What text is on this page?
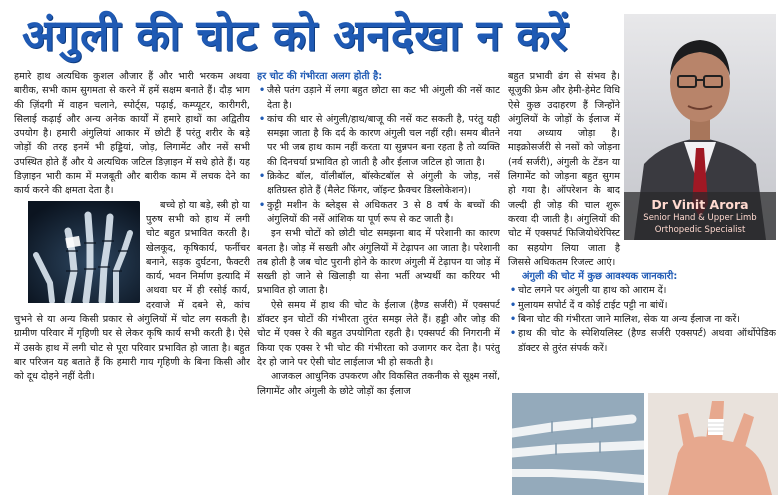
अंगुली की चोट को अनदेखा न करें

हमारे हाथ अत्यधिक कुशल औजार हैं और भारी भरकम अथवा बारीक, सभी काम सुगमता से करने में हमें सक्षम बनाते हैं। दौड़ भाग की ज़िंदगी में वाहन चलाने, स्पोर्ट्स, पढ़ाई, कम्प्यूटर, कारीगरी, सिलाई कढ़ाई और अन्य अनेक कार्यों में हमारे हाथों का अद्वितीय उपयोग है। हमारी अंगुलियां आकार में छोटी हैं परंतु शरीर के बड़े जोड़ों की तरह इनमें भी हड्डियां, जोड़, लिगामेंट और नसें सभी उपस्थित होते हैं और ये अत्यधिक जटिल डिज़ाइन में सधे होते हैं। यह डिज़ाइन भारी काम में मजबूती और बारीक काम में लचक देने का कार्य करने की क्षमता देता है।

बच्चे हो या बड़े, स्त्री हो या पुरुष सभी को हाथ में लगी चोट बहुत प्रभावित करती है। खेलकूद, कृषिकार्य, फर्नीचर बनाने, सड़क दुर्घटना, फैक्टरी कार्य, भवन निर्माण इत्यादि में अथवा घर में ही रसोई कार्य, दरवाजे में दबने से, कांच चुभने से या अन्य किसी प्रकार से अंगुलियों में चोट लग सकती है। ग्रामीण परिवार में गृहिणी घर से लेकर कृषि कार्य सभी करती है। ऐसे में उसके हाथ में लगी चोट से पूरा परिवार प्रभावित हो जाता है। बहुत बार परिजन यह बताते हैं कि हमारी गाय गृहिणी के बिना किसी और को दूध दोहने नहीं देती।

हर चोट की गंभीरता अलग होती है:

• जैसे पतंग उड़ाने में लगा बहुत छोटा सा कट भी अंगुली की नसें काट देता है।

• कांच की धार से अंगुली/हाथ/बाजू की नसें कट सकती है, परंतु यही समझा जाता है कि दर्द के कारण अंगुली चल नहीं रही। समय बीतने पर भी जब हाथ काम नहीं करता या सुन्नपन बना रहता है तो व्यक्ति की दिनचर्या प्रभावित हो जाती है और ईलाज जटिल हो जाता है।

• क्रिकेट बॉल, वॉलीबॉल, बॉस्केटबॉल से अंगुली के जोड़, नसें क्षतिग्रस्त होते हैं (मैलेट फिंगर, जॉइन्ट फ्रैक्चर डिस्लोकेशन)।

• कुट्टी मशीन के ब्लेड्स से अधिकतर 3 से 8 वर्ष के बच्चों की अंगुलियों की नसें आंशिक या पूर्ण रूप से कट जाती है।

इन सभी चोटों को छोटी चोट समझना बाद में परेशानी का कारण बनता है। जोड़ में सख्ती और अंगुलियों में टेढ़ापन आ जाता है। परेशानी तब होती है जब चोट पुरानी होने के कारण अंगुली में टेढ़ापन या जोड़ में सख्ती हो जाने से खिलाड़ी या सेना भर्ती अभ्यर्थी का करियर भी प्रभावित हो जाता है।

ऐसे समय में हाथ की चोट के ईलाज (हैण्ड सर्जरी) में एक्सपर्ट डॉक्टर इन चोटों की गंभीरता तुरंत समझ लेते हैं। हड्डी और जोड़ की चोट में एक्स रे की बहुत उपयोगिता रहती है। एक्सपर्ट की निगरानी में किया एक एक्स रे भी चोट की गंभीरता को उजागर कर देता है। परंतु देर हो जाने पर ऐसी चोट लाईलाज भी हो सकती है।

आजकल आधुनिक उपकरण और विकसित तकनीक से सूक्ष्म नसों, लिगामेंट और अंगुली के छोटे जोड़ों का ईलाज

Dr Vinit Arora
Senior Hand & Upper Limb
Orthopedic Specialist

बहुत प्रभावी ढंग से संभव है। सूजुकी फ्रेम और हेमी-हेमेट विधि ऐसे कुछ उदाहरण हैं जिन्होंने अंगुलियों के जोड़ों के ईलाज में नया अध्याय जोड़ा है। माइक्रोसर्जरी से नसों को जोड़ना (नर्व सर्जरी), अंगुली के टेंडन या लिगामेंट को जोड़ना बहुत सुगम हो गया है। ऑपरेशन के बाद जल्दी ही जोड़ की चाल शुरू करवा दी जाती है। अंगुलियों की चोट में एक्सपर्ट फिजियोथेरेपिस्ट का सहयोग लिया जाता है जिससे अधिकतम रिजल्ट आएं।

अंगुली की चोट में कुछ आवश्यक जानकारी:

• चोट लगने पर अंगुली या हाथ को आराम दें।

• मुलायम सपोर्ट दें व कोई टाईट पट्टी ना बांधें।

• बिना चोट की गंभीरता जाने मालिश, सेक या अन्य ईलाज ना करें।

• हाथ की चोट के स्पेशियलिस्ट (हैण्ड सर्जरी एक्सपर्ट) अथवा ऑर्थोपेडिक डॉक्टर से तुरंत संपर्क करें।
